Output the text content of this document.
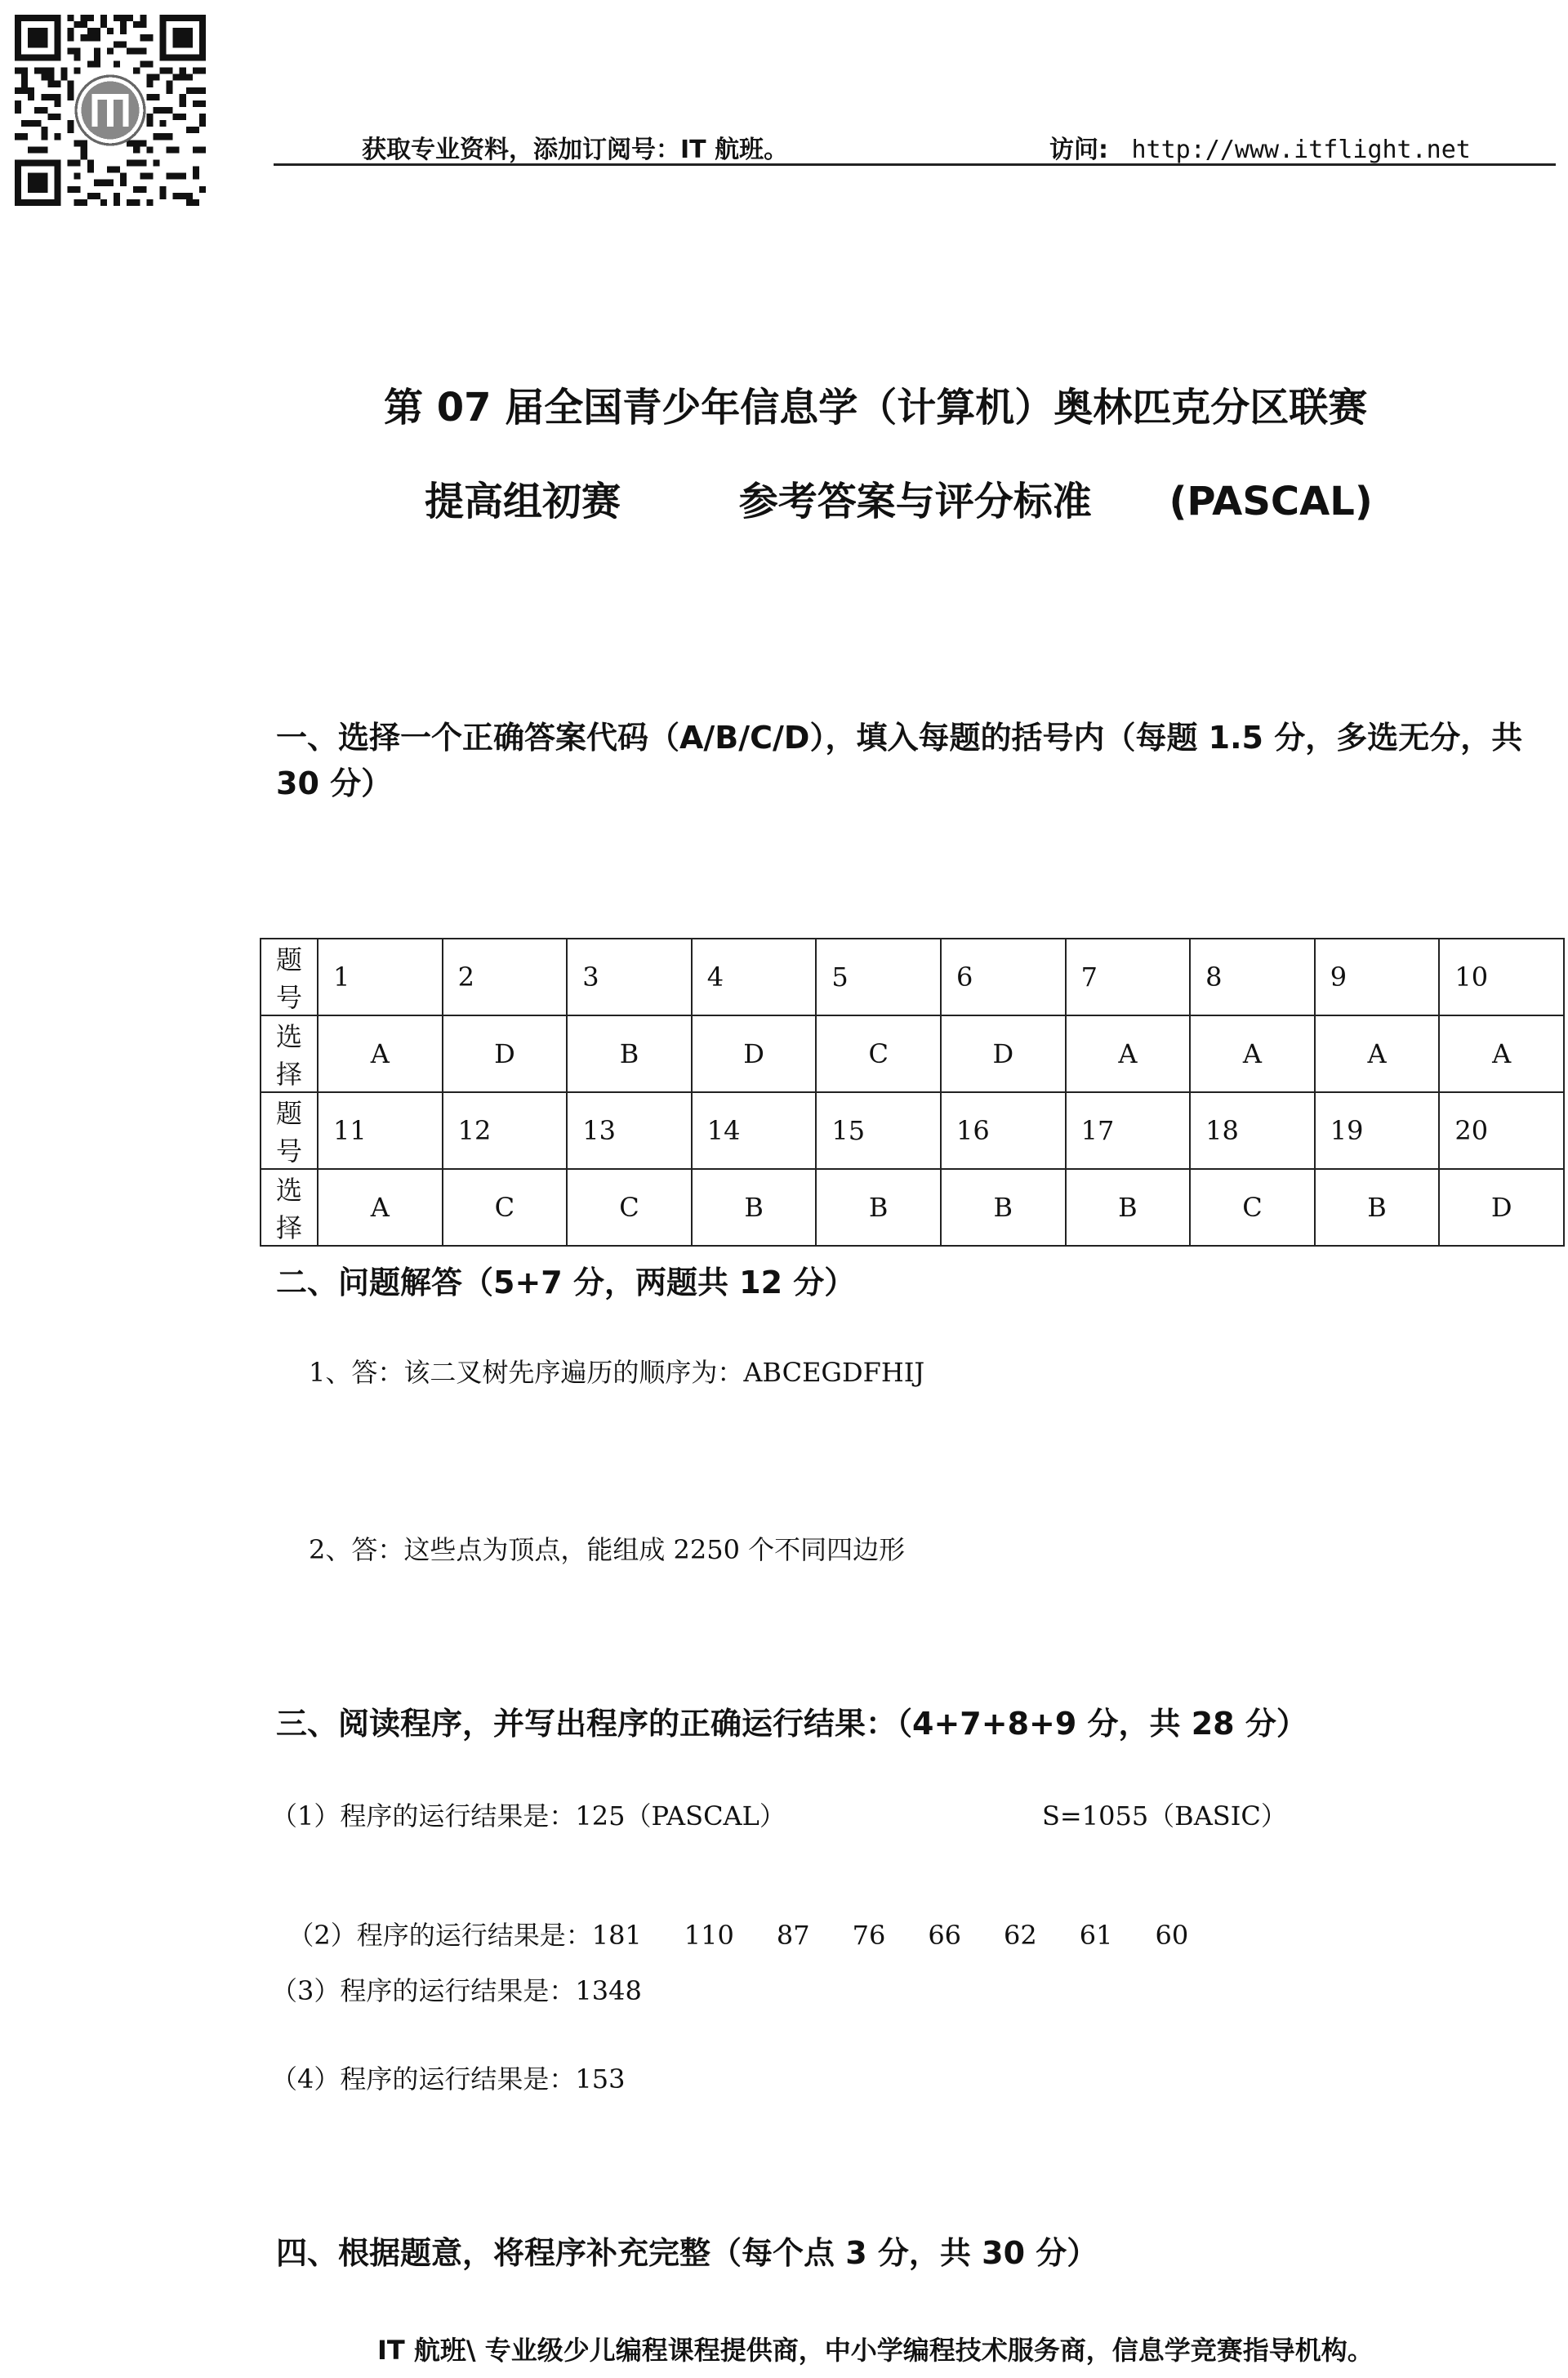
获取专业资料，添加订阅号：IT 航班。	访问: http://www.itflight.net
第 07 届全国青少年信息学（计算机）奥林匹克分区联赛
提高组初赛	参考答案与评分标准 (PASCAL)
一、选择一个正确答案代码（A/B/C/D），填入每题的括号内（每题 1.5 分，多选无分，共 30 分）
题号	1	2	3	4	5	6	7	8	9	10
选择	A	D	B	D	C	D	A	A	A	A
题号	11	12	13	14	15	16	17	18	19	20
选择	A	C	C	B	B	B	B	C	B	D
二、问题解答（5+7 分，两题共 12 分）
1、答：该二叉树先序遍历的顺序为：ABCEGDFHIJ
2、答：这些点为顶点，能组成 2250 个不同四边形
三、阅读程序，并写出程序的正确运行结果：（4+7+8+9 分，共 28 分）
（1）程序的运行结果是：125（PASCAL）	S=1055（BASIC）

（2）程序的运行结果是：181 110 87 76 66 62 61 60

（3）程序的运行结果是：1348
（4）程序的运行结果是：153
四、根据题意，将程序补充完整（每个点 3 分，共 30 分）
IT 航班\ 专业级少儿编程课程提供商，中小学编程技术服务商，信息学竞赛指导机构。
